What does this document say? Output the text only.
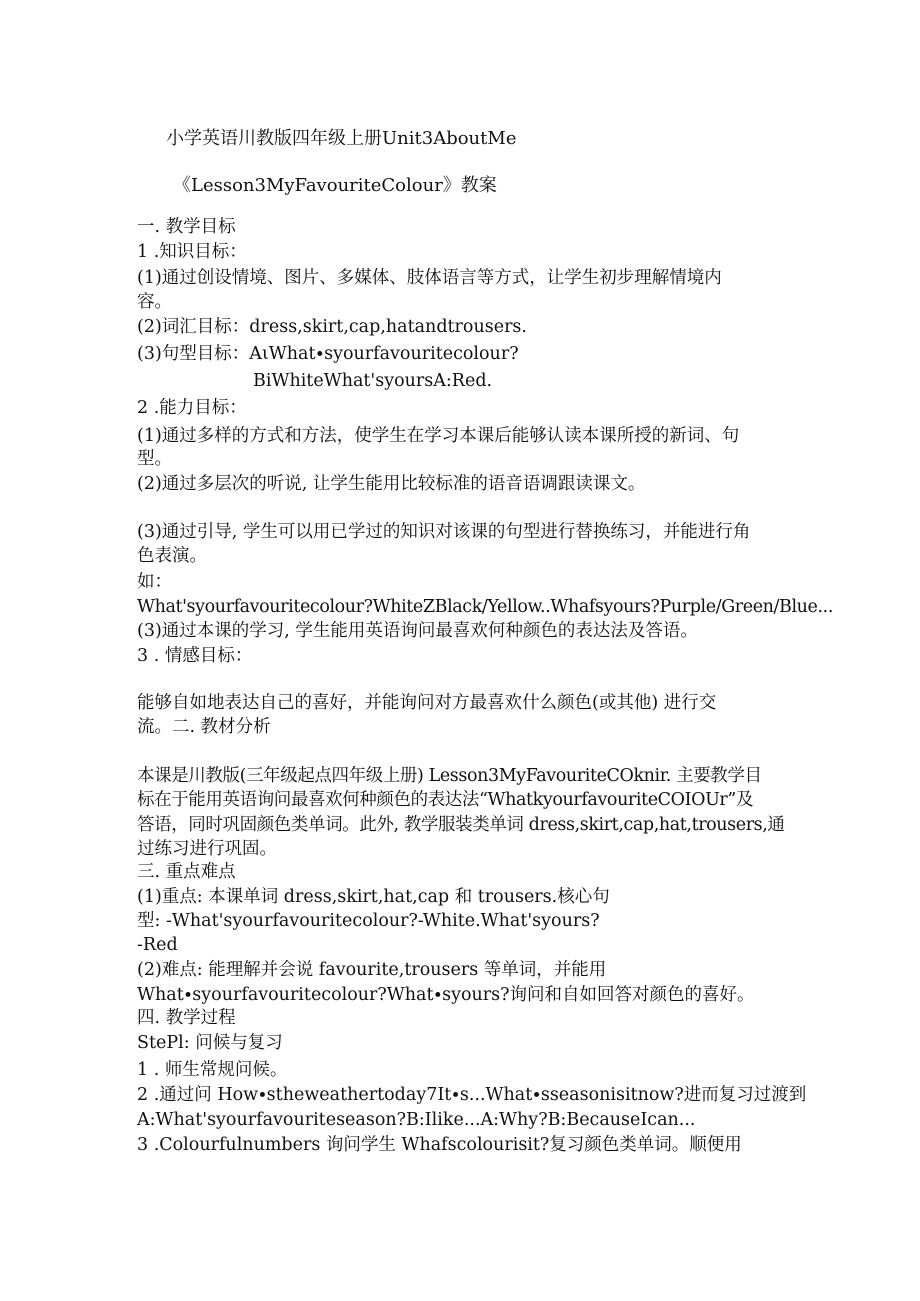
小学英语川教版四年级上册Unit3AboutMe
《Lesson3MyFavouriteColour》教案
一. 教学目标
1 .知识目标：
(1)通过创设情境、图片、多媒体、肢体语言等方式，让学生初步理解情境内
容。
(2)词汇目标：dress,skirt,cap,hatandtrousers.
(3)句型目标：AιWhat∙syourfavouritecolour?
BiWhiteWhat'syoursA:Red.
2 .能力目标：
(1)通过多样的方式和方法，使学生在学习本课后能够认读本课所授的新词、句
型。
(2)通过多层次的听说, 让学生能用比较标准的语音语调跟读课文。
(3)通过引导, 学生可以用已学过的知识对该课的句型进行替换练习，并能进行角
色表演。
如：
What'syourfavouritecolour?WhiteZBlack/Yellow..Whafsyours?Purple/Green/Blue...
(3)通过本课的学习, 学生能用英语询问最喜欢何种颜色的表达法及答语。
3 . 情感目标：
能够自如地表达自己的喜好，并能询问对方最喜欢什么颜色(或其他) 进行交
流。二. 教材分析
本课是川教版(三年级起点四年级上册) Lesson3MyFavouriteCOknir. 主要教学目
标在于能用英语询问最喜欢何种颜色的表达法“WhatkyourfavouriteCOIOUr”及
答语，同时巩固颜色类单词。此外, 教学服装类单词 dress,skirt,cap,hat,trousers,通
过练习进行巩固。
三. 重点难点
(1)重点: 本课单词 dress,skirt,hat,cap 和 trousers.核心句
型: -What'syourfavouritecolour?-White.What'syours?
-Red
(2)难点: 能理解并会说 favourite,trousers 等单词，并能用
What∙syourfavouritecolour?What∙syours?询问和自如回答对颜色的喜好。
四. 教学过程
StePl: 问候与复习
1 . 师生常规问候。
2 .通过问 How∙stheweathertoday7It∙s...What∙sseasonisitnow?进而复习过渡到
A:What'syourfavouriteseason?B:Ilike...A:Why?B:BecauseIcan...
3 .Colourfulnumbers 询问学生 Whafscolourisit?复习颜色类单词。顺便用
